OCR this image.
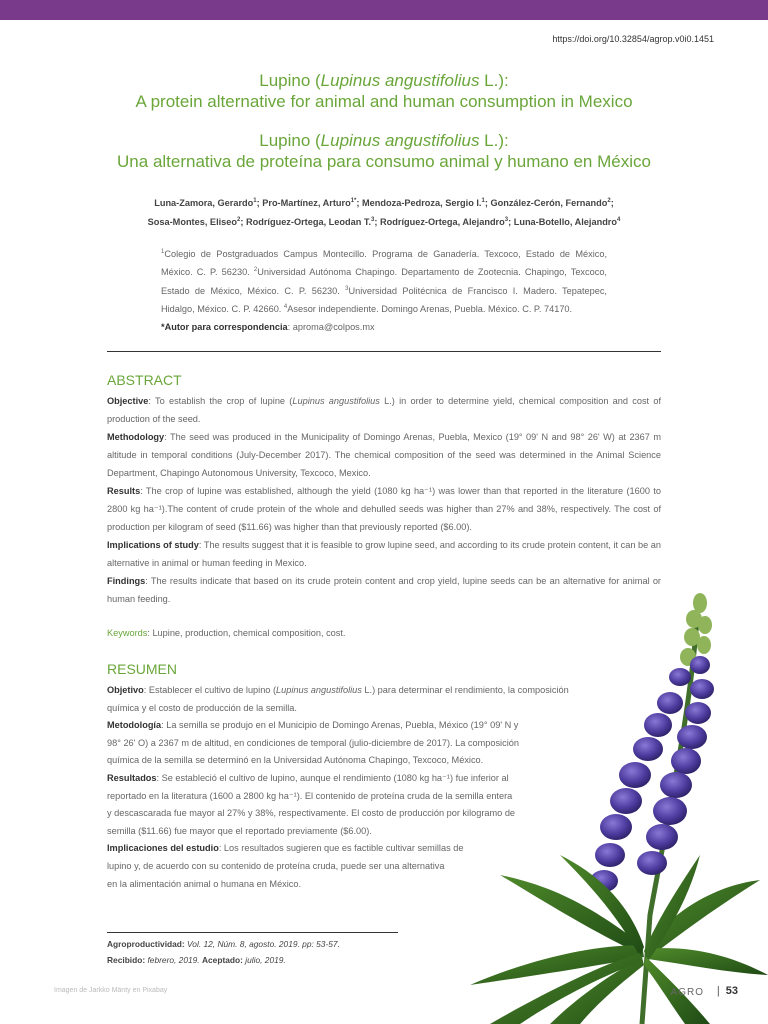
https://doi.org/10.32854/agrop.v0i0.1451
Lupino (Lupinus angustifolius L.):
A protein alternative for animal and human consumption in Mexico
Lupino (Lupinus angustifolius L.):
Una alternativa de proteína para consumo animal y humano en México
Luna-Zamora, Gerardo$^1$; Pro-Martínez, Arturo$^{1*}$; Mendoza-Pedroza, Sergio I.$^1$; González-Cerón, Fernando$^2$;
Sosa-Montes, Eliseo$^2$; Rodríguez-Ortega, Leodan T.$^3$; Rodríguez-Ortega, Alejandro$^3$; Luna-Botello, Alejandro$^4$
$^1$Colegio de Postgraduados Campus Montecillo. Programa de Ganadería. Texcoco, Estado de México, México. C. P. 56230. $^2$Universidad Autónoma Chapingo. Departamento de Zootecnia. Chapingo, Texcoco, Estado de México, México. C. P. 56230. $^3$Universidad Politécnica de Francisco I. Madero. Tepatepec, Hidalgo, México. C. P. 42660. $^4$Asesor independiente. Domingo Arenas, Puebla. México. C. P. 74170.
*Autor para correspondencia: aproma@colpos.mx
ABSTRACT

Objective: To establish the crop of lupine (Lupinus angustifolius L.) in order to determine yield, chemical composition and cost of production of the seed.

Methodology: The seed was produced in the Municipality of Domingo Arenas, Puebla, Mexico (19° 09' N and 98° 26' W) at 2367 m altitude in temporal conditions (July-December 2017). The chemical composition of the seed was determined in the Animal Science Department, Chapingo Autonomous University, Texcoco, Mexico.

Results: The crop of lupine was established, although the yield (1080 kg ha⁻¹) was lower than that reported in the literature (1600 to 2800 kg ha⁻¹).The content of crude protein of the whole and dehulled seeds was higher than 27% and 38%, respectively. The cost of production per kilogram of seed ($11.66) was higher than that previously reported ($6.00).

Implications of study: The results suggest that it is feasible to grow lupine seed, and according to its crude protein content, it can be an alternative in animal or human feeding in Mexico.

Findings: The results indicate that based on its crude protein content and crop yield, lupine seeds can be an alternative for animal or human feeding.

Keywords: Lupine, production, chemical composition, cost.
RESUMEN

Objetivo: Establecer el cultivo de lupino (Lupinus angustifolius L.) para determinar el rendimiento, la composición

química y el costo de producción de la semilla.

Metodología: La semilla se produjo en el Municipio de Domingo Arenas, Puebla, México (19° 09' N y

98° 26' O) a 2367 m de altitud, en condiciones de temporal (julio-diciembre de 2017). La composición

química de la semilla se determinó en la Universidad Autónoma Chapingo, Texcoco, México.

Resultados: Se estableció el cultivo de lupino, aunque el rendimiento (1080 kg ha⁻¹) fue inferior al

reportado en la literatura (1600 a 2800 kg ha⁻¹). El contenido de proteína cruda de la semilla entera

y descascarada fue mayor al 27% y 38%, respectivamente. El costo de producción por kilogramo de

semilla ($11.66) fue mayor que el reportado previamente ($6.00).

Implicaciones del estudio: Los resultados sugieren que es factible cultivar semillas de

lupino y, de acuerdo con su contenido de proteína cruda, puede ser una alternativa

en la alimentación animal o humana en México.

Agroproductividad: Vol. 12, Núm. 8, agosto. 2019. pp: 53-57.
Recibido: febrero, 2019. Aceptado: julio, 2019.
Imagen de Jarkko Mänty en Pixabay	AGRO | 53
